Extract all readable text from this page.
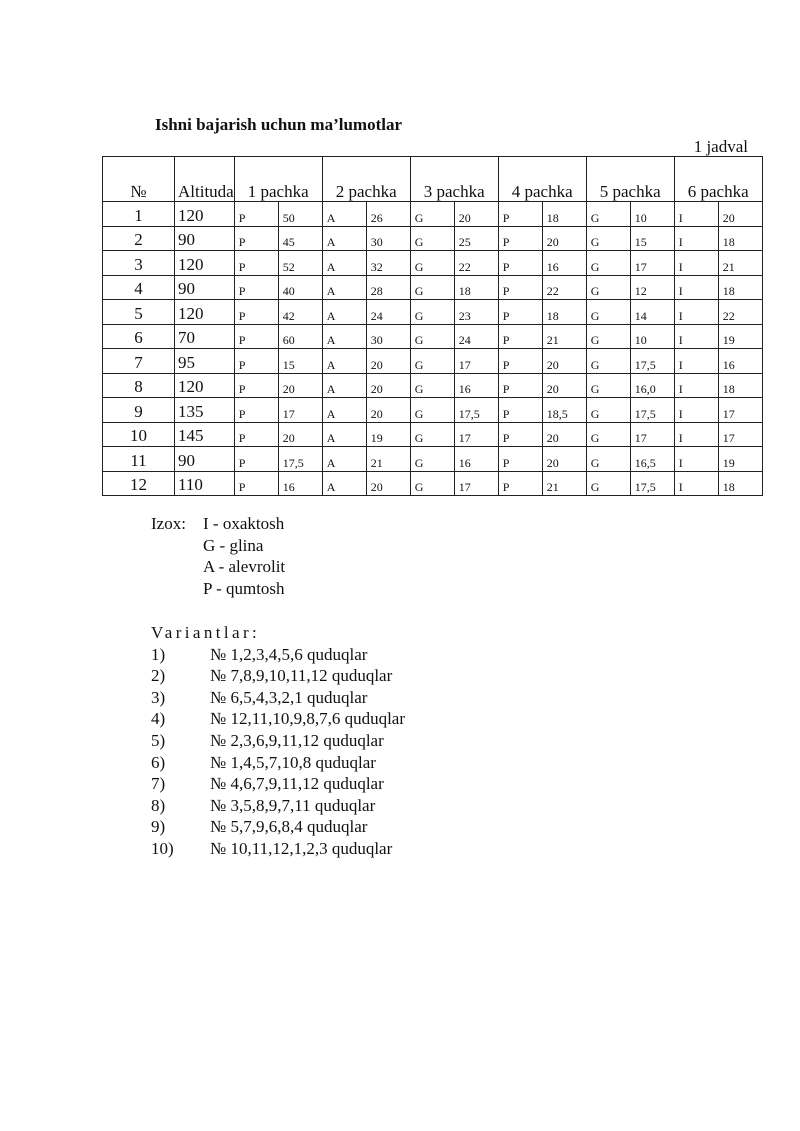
Ishni bajarish uchun ma’lumotlar
1 jadval
№	Altituda	1 pachka		2 pachka		3 pachka		4 pachka		5 pachka		6 pachka	
1	120	P	50	A	26	G	20	P	18	G	10	I	20
2	90	P	45	A	30	G	25	P	20	G	15	I	18
3	120	P	52	A	32	G	22	P	16	G	17	I	21
4	90	P	40	A	28	G	18	P	22	G	12	I	18
5	120	P	42	A	24	G	23	P	18	G	14	I	22
6	70	P	60	A	30	G	24	P	21	G	10	I	19
7	95	P	15	A	20	G	17	P	20	G	17,5	I	16
8	120	P	20	A	20	G	16	P	20	G	16,0	I	18
9	135	P	17	A	20	G	17,5	P	18,5	G	17,5	I	17
10	145	P	20	A	19	G	17	P	20	G	17	I	17
11	90	P	17,5	A	21	G	16	P	20	G	16,5	I	19
12	110	P	16	A	20	G	17	P	21	G	17,5	I	18
Izox:	I - oxaktosh
G - glina
A - alevrolit
P - qumtosh
Variantlar:
1)	№ 1,2,3,4,5,6 quduqlar
2)	№ 7,8,9,10,11,12 quduqlar
3)	№ 6,5,4,3,2,1 quduqlar
4)	№ 12,11,10,9,8,7,6 quduqlar
5)	№ 2,3,6,9,11,12 quduqlar
6)	№ 1,4,5,7,10,8 quduqlar
7)	№ 4,6,7,9,11,12 quduqlar
8)	№ 3,5,8,9,7,11 quduqlar
9)	№ 5,7,9,6,8,4 quduqlar
10)	№ 10,11,12,1,2,3 quduqlar
